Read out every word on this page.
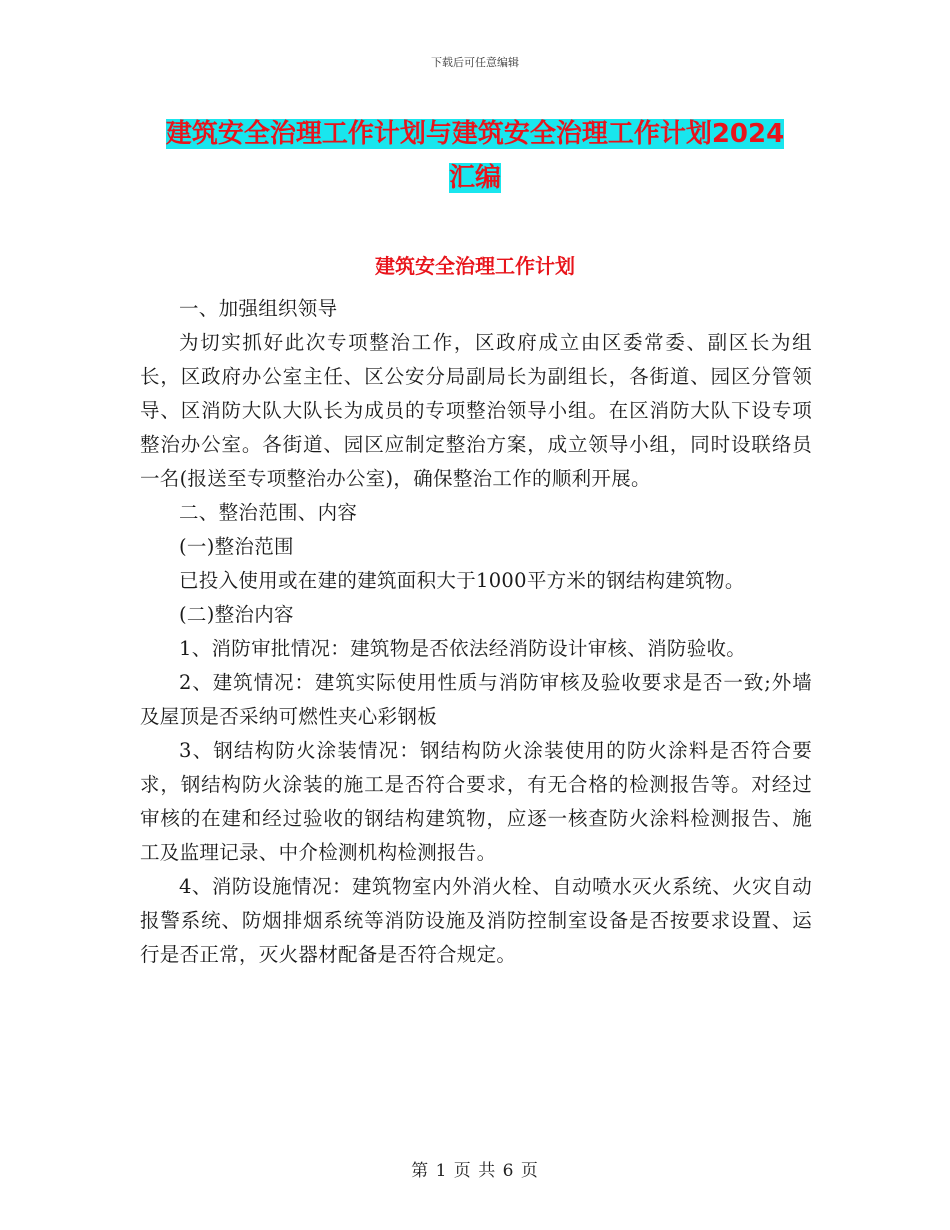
下载后可任意编辑
建筑安全治理工作计划与建筑安全治理工作计划2024
汇编
建筑安全治理工作计划

一、加强组织领导

为切实抓好此次专项整治工作，区政府成立由区委常委、副区长为组长，区政府办公室主任、区公安分局副局长为副组长，各街道、园区分管领导、区消防大队大队长为成员的专项整治领导小组。在区消防大队下设专项整治办公室。各街道、园区应制定整治方案，成立领导小组，同时设联络员一名(报送至专项整治办公室)，确保整治工作的顺利开展。

二、整治范围、内容

(一)整治范围

已投入使用或在建的建筑面积大于1000平方米的钢结构建筑物。

(二)整治内容

1、消防审批情况：建筑物是否依法经消防设计审核、消防验收。

2、建筑情况：建筑实际使用性质与消防审核及验收要求是否一致;外墙及屋顶是否采纳可燃性夹心彩钢板

3、钢结构防火涂装情况：钢结构防火涂装使用的防火涂料是否符合要求，钢结构防火涂装的施工是否符合要求，有无合格的检测报告等。对经过审核的在建和经过验收的钢结构建筑物，应逐一核查防火涂料检测报告、施工及监理记录、中介检测机构检测报告。

4、消防设施情况：建筑物室内外消火栓、自动喷水灭火系统、火灾自动报警系统、防烟排烟系统等消防设施及消防控制室设备是否按要求设置、运行是否正常，灭火器材配备是否符合规定。

第 1 页 共 6 页
